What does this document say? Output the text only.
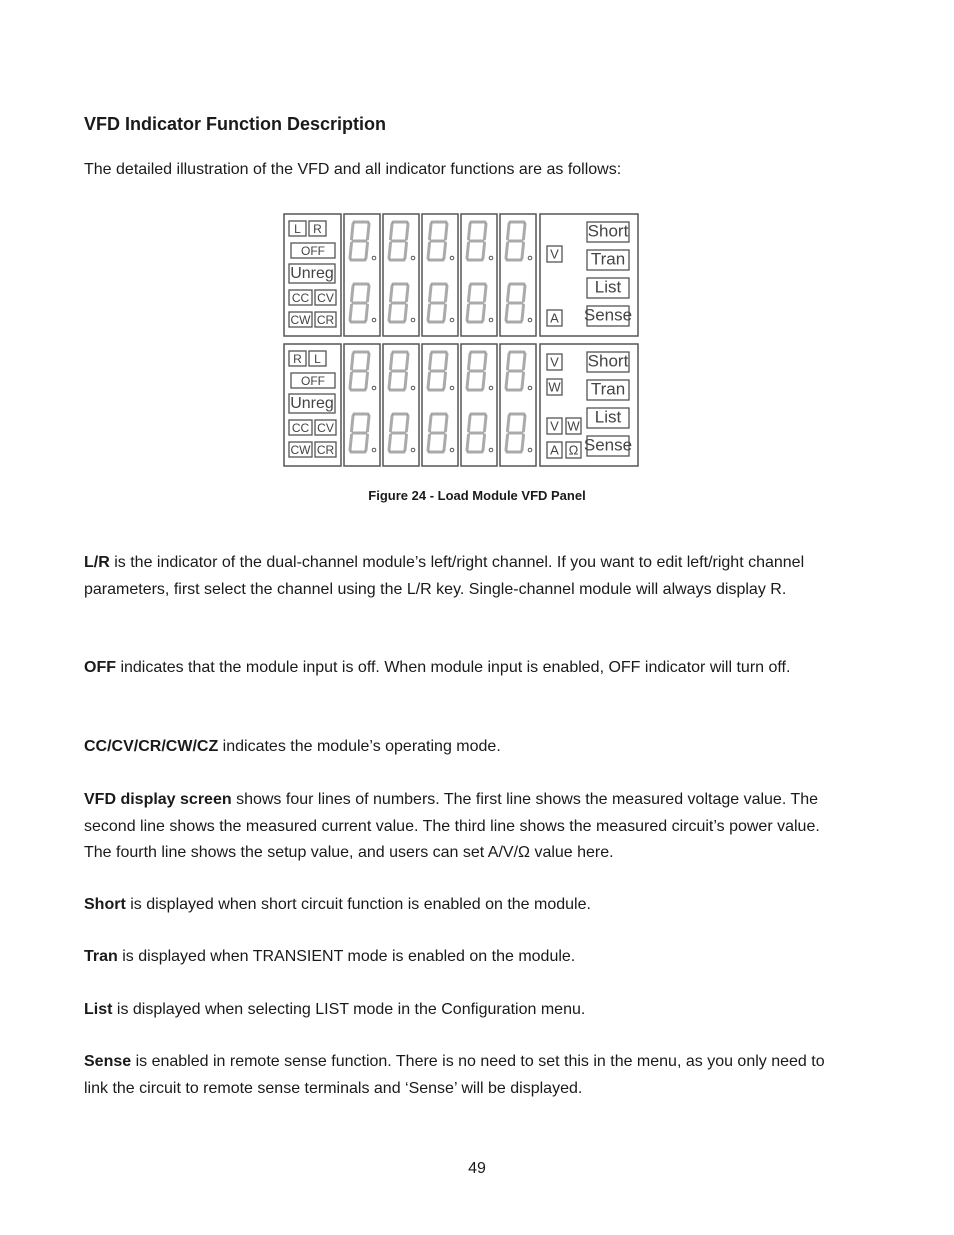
VFD Indicator Function Description

The detailed illustration of the VFD and all indicator functions are as follows:

L R
OFF
Unreg
CC CV
CW CR
V
A
Short
Tran
List
Sense
R L
OFF
Unreg
CC CV
CW CR
V
W
V W
A Ω
Short
Tran
List
Sense

Figure 24 - Load Module VFD Panel

L/R is the indicator of the dual-channel module’s left/right channel. If you want to edit left/right channel parameters, first select the channel using the L/R key. Single-channel module will always display R.

OFF indicates that the module input is off. When module input is enabled, OFF indicator will turn off.

CC/CV/CR/CW/CZ indicates the module’s operating mode.

VFD display screen shows four lines of numbers. The first line shows the measured voltage value. The second line shows the measured current value. The third line shows the measured circuit’s power value. The fourth line shows the setup value, and users can set A/V/Ω value here.

Short is displayed when short circuit function is enabled on the module.

Tran is displayed when TRANSIENT mode is enabled on the module.

List is displayed when selecting LIST mode in the Configuration menu.

Sense is enabled in remote sense function. There is no need to set this in the menu, as you only need to link the circuit to remote sense terminals and ‘Sense’ will be displayed.

49
